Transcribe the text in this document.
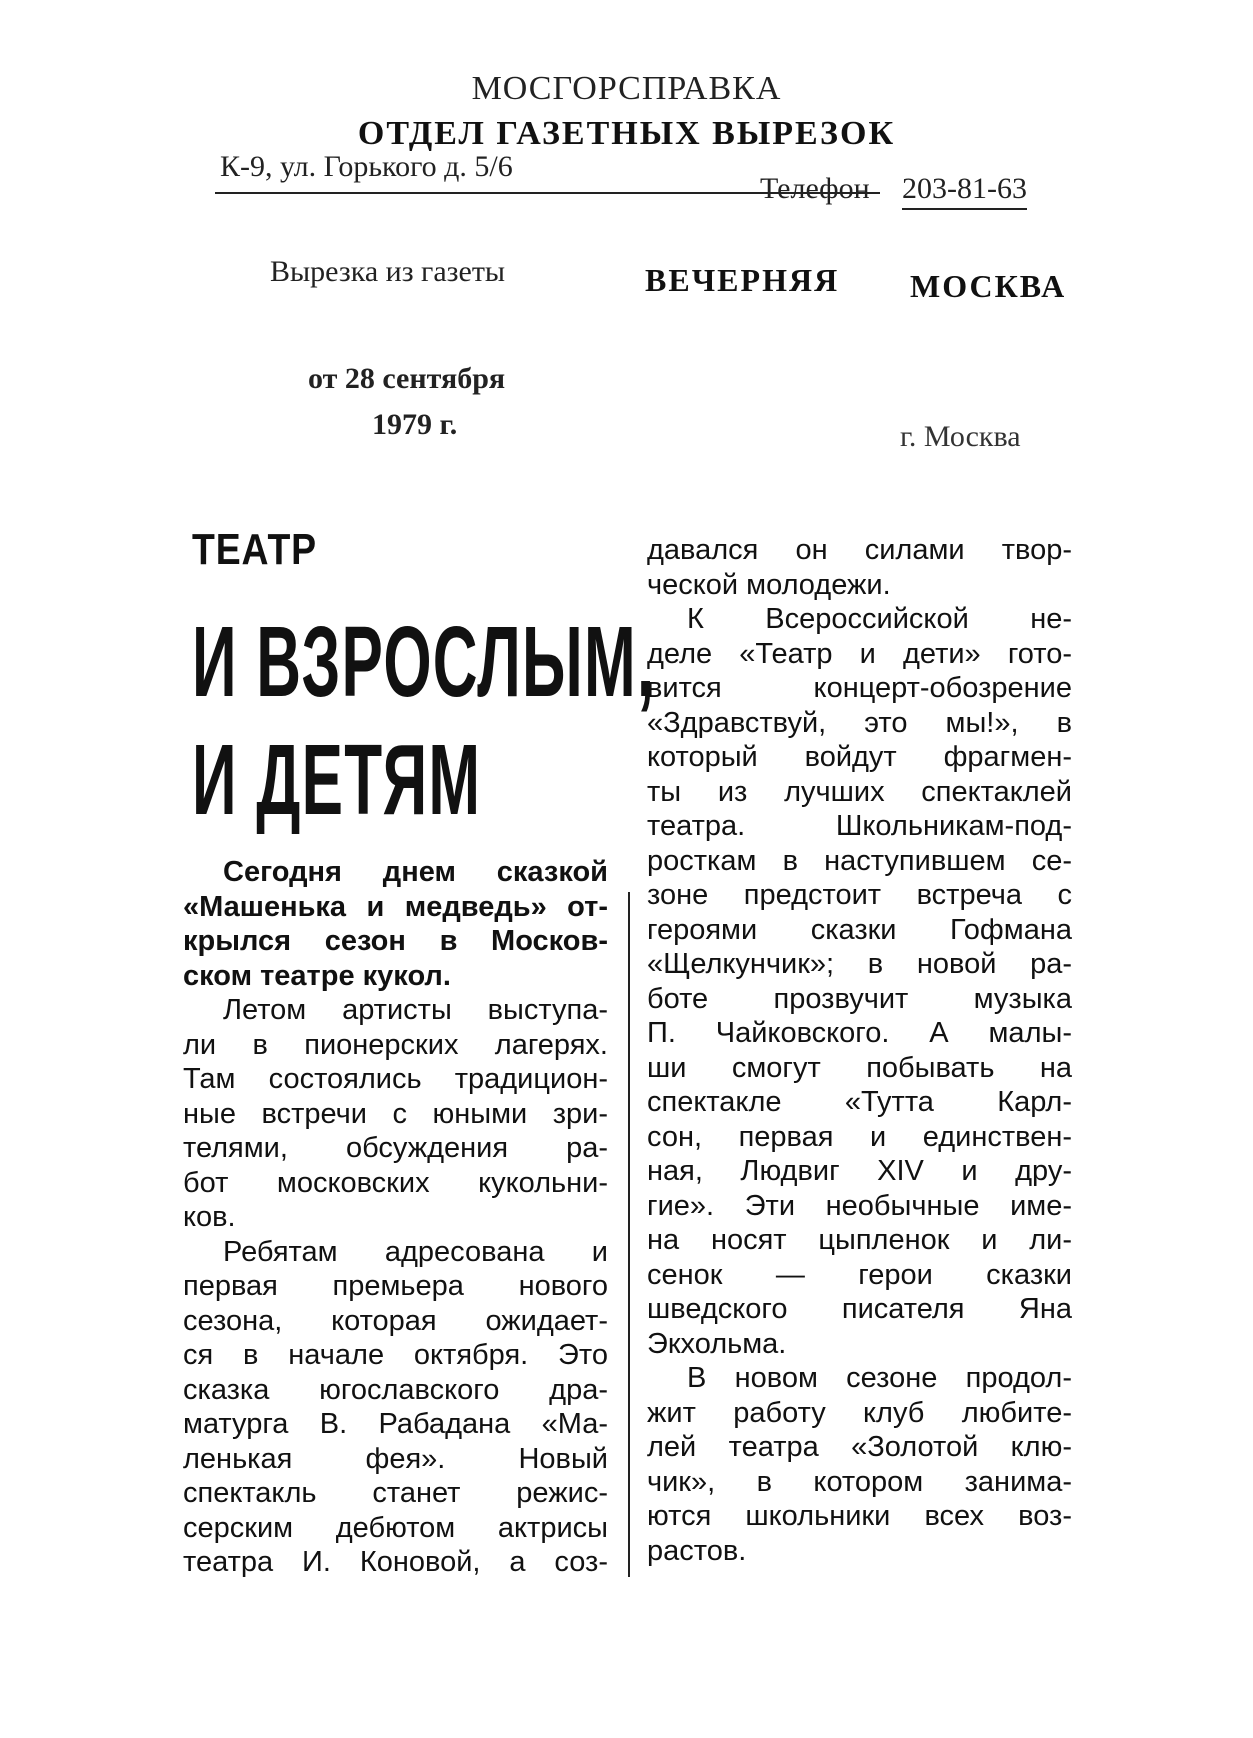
МОСГОРСПРАВКА
ОТДЕЛ ГАЗЕТНЫХ ВЫРЕЗОК
К-9, ул. Горького д. 5/6
Телефон 203-81-63
Вырезка из газеты	ВЕЧЕРНЯЯ МОСКВА
от 28 сентября
1979 г.	г. Москва
ТЕАТР
И ВЗРОСЛЫМ,
И ДЕТЯМ

Сегодня днем сказкой «Машенька и медведь» от-

крылся сезон в Москов-

ском театре кукол.

Летом артисты выступа-

ли в пионерских лагерях.

Там состоялись традицион-

ные встречи с юными зри-

телями, обсуждения ра-

бот московских кукольни-

ков.

Ребятам адресована и

первая премьера нового

сезона, которая ожидает-

ся в начале октября. Это

сказка югославского дра-

матурга В. Рабадана «Ма-

ленькая фея». Новый

спектакль станет режис-

серским дебютом актрисы

театра И. Коновой, а соз-

давался он силами твор-

ческой молодежи.

К Всероссийской не-

деле «Театр и дети» гото-

вится концерт-обозрение

«Здравствуй, это мы!», в

который войдут фрагмен-

ты из лучших спектаклей

театра. Школьникам-под-

росткам в наступившем се-

зоне предстоит встреча с

героями сказки Гофмана

«Щелкунчик»; в новой ра-

боте прозвучит музыка

П. Чайковского. А малы-

ши смогут побывать на

спектакле «Тутта Карл-

сон, первая и единствен-

ная, Людвиг XIV и дру-

гие». Эти необычные име-

на носят цыпленок и ли-

сенок — герои сказки

шведского писателя Яна

Экхольма.

В новом сезоне продол-

жит работу клуб любите-

лей театра «Золотой клю-

чик», в котором занима-

ются школьники всех воз-

растов.
